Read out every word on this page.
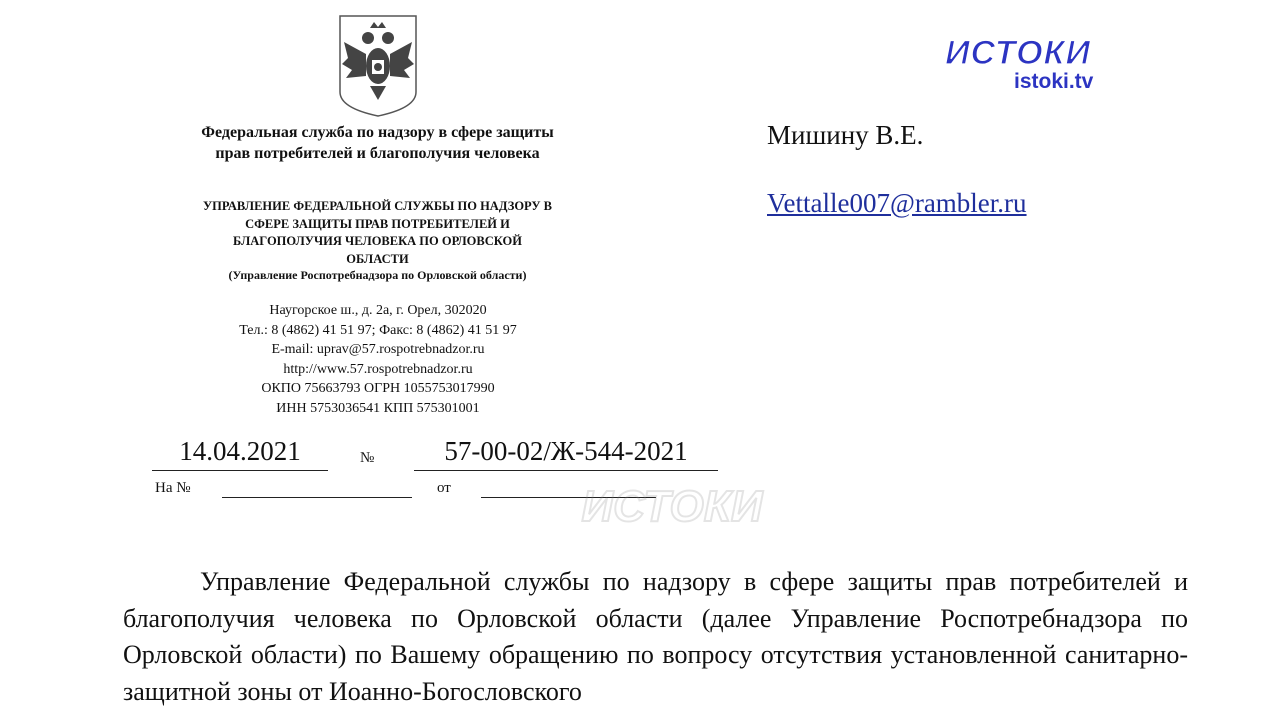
Федеральная служба по надзору в сфере защиты
прав потребителей и благополучия человека
УПРАВЛЕНИЕ ФЕДЕРАЛЬНОЙ СЛУЖБЫ ПО НАДЗОРУ В
СФЕРЕ ЗАЩИТЫ ПРАВ ПОТРЕБИТЕЛЕЙ И
БЛАГОПОЛУЧИЯ ЧЕЛОВЕКА ПО ОРЛОВСКОЙ
ОБЛАСТИ
(Управление Роспотребнадзора по Орловской области)
Наугорское ш., д. 2а, г. Орел, 302020
Тел.: 8 (4862) 41 51 97; Факс: 8 (4862) 41 51 97
E-mail: uprav@57.rospotrebnadzor.ru
http://www.57.rospotrebnadzor.ru
ОКПО 75663793 ОГРН 1055753017990
ИНН 5753036541 КПП 575301001
Мишину В.Е.
Vettalle007@rambler.ru
14.04.2021	№	57-00-02/Ж-544-2021
На №	от

Управление Федеральной службы по надзору в сфере защиты прав потребителей и благополучия человека по Орловской области (далее Управление Роспотребнадзора по Орловской области) по Вашему обращению по вопросу отсутствия установленной санитарно- защитной зоны от Иоанно-Богословского

ИСТОКИ
istoki.tv
ИСТОКИ
